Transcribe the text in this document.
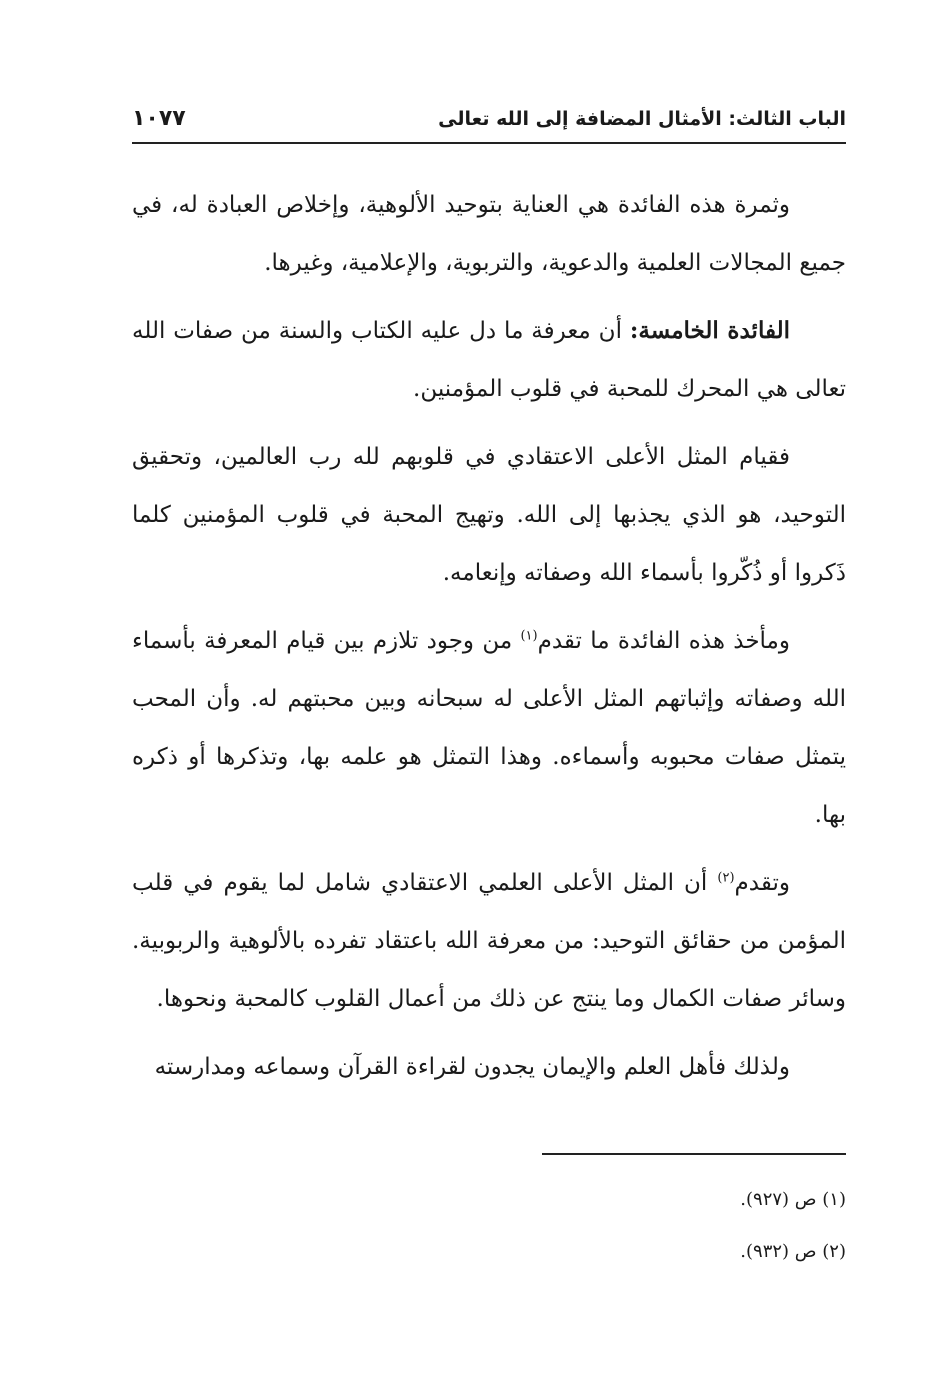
الباب الثالث: الأمثال المضافة إلى الله تعالى
١٠٧٧

وثمرة هذه الفائدة هي العناية بتوحيد الألوهية، وإخلاص العبادة له، في جميع المجالات العلمية والدعوية، والتربوية، والإعلامية، وغيرها.

الفائدة الخامسة: أن معرفة ما دل عليه الكتاب والسنة من صفات الله تعالى هي المحرك للمحبة في قلوب المؤمنين.

فقيام المثل الأعلى الاعتقادي في قلوبهم لله رب العالمين، وتحقيق التوحيد، هو الذي يجذبها إلى الله. وتهيج المحبة في قلوب المؤمنين كلما ذَكروا أو ذُكّروا بأسماء الله وصفاته وإنعامه.

ومأخذ هذه الفائدة ما تقدم$^{(١)}$ من وجود تلازم بين قيام المعرفة بأسماء الله وصفاته وإثباتهم المثل الأعلى له سبحانه وبين محبتهم له. وأن المحب يتمثل صفات محبوبه وأسماءه. وهذا التمثل هو علمه بها، وتذكرها أو ذكره بها.

وتقدم$^{(٢)}$ أن المثل الأعلى العلمي الاعتقادي شامل لما يقوم في قلب المؤمن من حقائق التوحيد: من معرفة الله باعتقاد تفرده بالألوهية والربوبية. وسائر صفات الكمال وما ينتج عن ذلك من أعمال القلوب كالمحبة ونحوها.

ولذلك فأهل العلم والإيمان يجدون لقراءة القرآن وسماعه ومدارسته

(١) ص (٩٢٧).
(٢) ص (٩٣٢).
